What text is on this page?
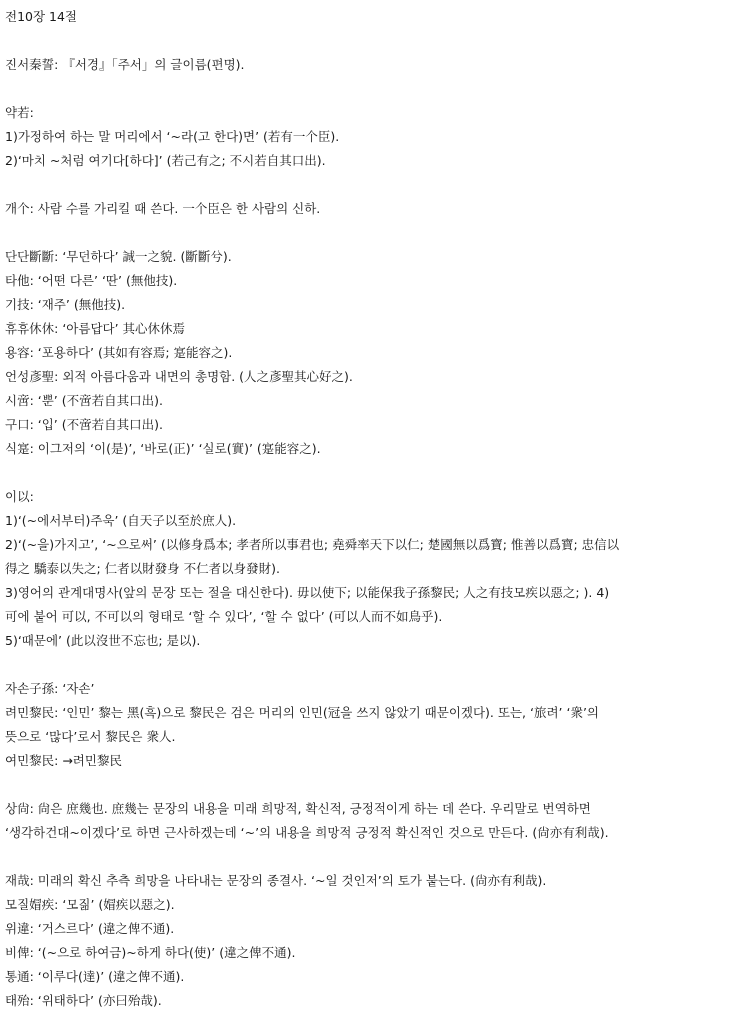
전10장 14절
진서秦誓: 『서경』「주서」의 글이름(편명).
약若:
1)가정하여 하는 말 머리에서 ‘~라(고 한다)면’ (若有一个臣).
2)‘마치 ~처럼 여기다[하다]’ (若己有之; 不시若自其口出).
개个: 사람 수를 가리킬 때 쓴다. 一个臣은 한 사람의 신하.
단단斷斷: ‘무던하다’ 誠一之貌. (斷斷兮).
타他: ‘어떤 다른’ ‘딴’ (無他技).
기技: ‘재주’ (無他技).
휴휴休休: ‘아름답다’ 其心休休焉
용容: ‘포용하다’ (其如有容焉; 寔能容之).
언성彥聖: 외적 아름다움과 내면의 총명함. (人之彥聖其心好之).
시啻: ‘뿐’ (不啻若自其口出).
구口: ‘입’ (不啻若自其口出).
식寔: 이그저의 ‘이(是)’, ‘바로(正)’ ‘실로(實)’ (寔能容之).
이以:
1)‘(~에서부터)주욱’ (自天子以至於庶人).
2)‘(~을)가지고’, ‘~으로써’ (以修身爲本; 孝者所以事君也; 堯舜率天下以仁; 楚國無以爲寶; 惟善以爲寶; 忠信以
得之 驕泰以失之; 仁者以財發身 不仁者以身發財).
3)영어의 관계대명사(앞의 문장 또는 절을 대신한다). 毋以使下; 以能保我子孫黎民; 人之有技모疾以惡之; ). 4)
可에 붙어 可以, 不可以의 형태로 ‘할 수 있다’, ‘할 수 없다’ (可以人而不如鳥乎).
5)‘때문에’ (此以沒世不忘也; 是以).
자손子孫: ‘자손’
려민黎民: ‘인민’ 黎는 黑(흑)으로 黎民은 검은 머리의 인민(冠을 쓰지 않았기 때문이겠다). 또는, ‘旅려’ ‘衆’의
뜻으로 ‘많다’로서 黎民은 衆人.
여민黎民: →려민黎民
상尙: 尙은 庶幾也. 庶幾는 문장의 내용을 미래 희망적, 확신적, 긍정적이게 하는 데 쓴다. 우리말로 번역하면
‘생각하건대~이겠다’로 하면 근사하겠는데 ‘~’의 내용을 희망적 긍정적 확신적인 것으로 만든다. (尙亦有利哉).
재哉: 미래의 확신 추측 희망을 나타내는 문장의 종결사. ‘~일 것인저’의 토가 붙는다. (尙亦有利哉).
모질媢疾: ‘모짊’ (媢疾以惡之).
위違: ‘거스르다’ (違之俾不通).
비俾: ‘(~으로 하여금)~하게 하다(使)’ (違之俾不通).
통通: ‘이루다(達)’ (違之俾不通).
태殆: ‘위태하다’ (亦曰殆哉).
